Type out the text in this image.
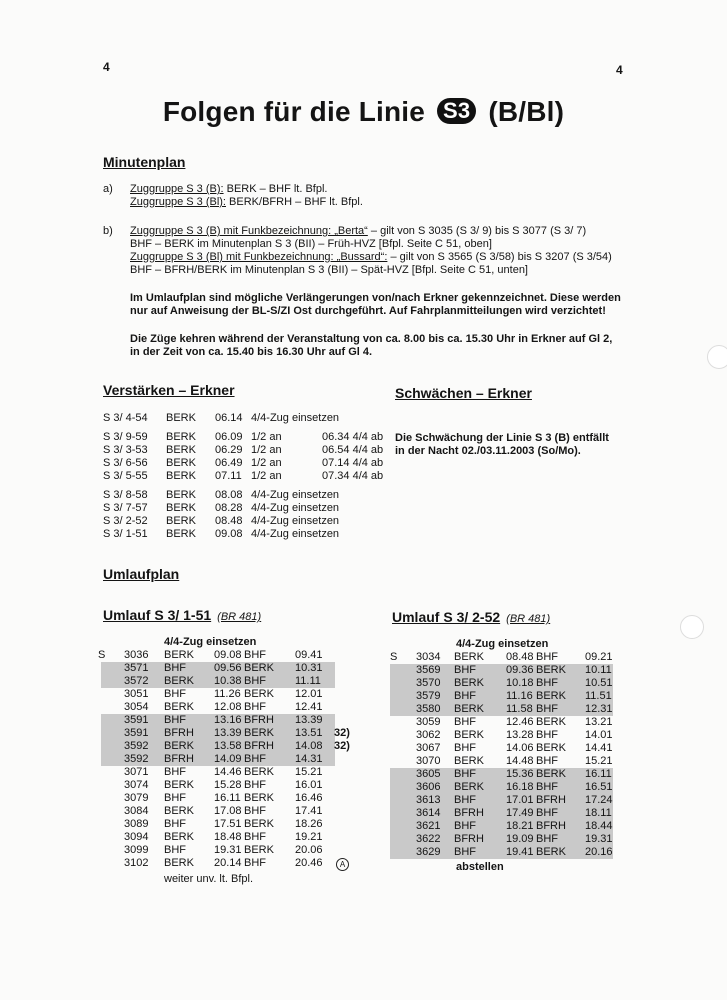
4	4
Folgen für die Linie S3 (B/Bl)
Minutenplan
a) Zuggruppe S 3 (B): BERK – BHF lt. Bfpl.
Zuggruppe S 3 (Bl): BERK/BFRH – BHF lt. Bfpl.
b) Zuggruppe S 3 (B) mit Funkbezeichnung: „Berta“ – gilt von S 3035 (S 3/ 9) bis S 3077 (S 3/ 7)
BHF – BERK im Minutenplan S 3 (BII) – Früh-HVZ [Bfpl. Seite C 51, oben]
Zuggruppe S 3 (Bl) mit Funkbezeichnung: „Bussard“: – gilt von S 3565 (S 3/58) bis S 3207 (S 3/54)
BHF – BFRH/BERK im Minutenplan S 3 (BII) – Spät-HVZ [Bfpl. Seite C 51, unten]
Im Umlaufplan sind mögliche Verlängerungen von/nach Erkner gekennzeichnet. Diese werden
nur auf Anweisung der BL-S/ZI Ost durchgeführt. Auf Fahrplanmitteilungen wird verzichtet!
Die Züge kehren während der Veranstaltung von ca. 8.00 bis ca. 15.30 Uhr in Erkner auf Gl 2,
in der Zeit von ca. 15.40 bis 16.30 Uhr auf Gl 4.
Verstärken – Erkner
S 3/ 4-54 BERK 06.14 4/4-Zug einsetzen
S 3/ 9-59 BERK 06.09 1/2 an	06.34 4/4 ab
S 3/ 3-53 BERK 06.29 1/2 an	06.54 4/4 ab
S 3/ 6-56 BERK 06.49 1/2 an	07.14 4/4 ab
S 3/ 5-55 BERK 07.11 1/2 an	07.34 4/4 ab
S 3/ 8-58 BERK 08.08 4/4-Zug einsetzen
S 3/ 7-57 BERK 08.28 4/4-Zug einsetzen
S 3/ 2-52 BERK 08.48 4/4-Zug einsetzen
S 3/ 1-51 BERK 09.08 4/4-Zug einsetzen
Schwächen – Erkner
Die Schwächung der Linie S 3 (B) entfällt
in der Nacht 02./03.11.2003 (So/Mo).
Umlaufplan
Umlauf S 3/ 1-51 (BR 481)
4/4-Zug einsetzen
S 3036 BERK 09.08 BHF	09.41
3571 BHF	09.56 BERK 10.31
3572 BERK 10.38 BHF	11.11
3051 BHF	11.26 BERK 12.01
3054 BERK 12.08 BHF	12.41
3591 BHF	13.16 BFRH 13.39
3591 BFRH 13.39 BERK 13.51 32)
3592 BERK 13.58 BFRH 14.08 32)
3592 BFRH 14.09 BHF	14.31
3071 BHF	14.46 BERK 15.21
3074 BERK 15.28 BHF	16.01
3079 BHF	16.11 BERK 16.46
3084 BERK 17.08 BHF	17.41
3089 BHF	17.51 BERK 18.26
3094 BERK 18.48 BHF	19.21
3099 BHF	19.31 BERK 20.06
3102 BERK 20.14 BHF	20.46	A
weiter unv. lt. Bfpl.
Umlauf S 3/ 2-52 (BR 481)
4/4-Zug einsetzen
S 3034 BERK 08.48 BHF 09.21
3569 BHF	09.36 BERK 10.11
3570 BERK 10.18 BHF 10.51
3579 BHF	11.16 BERK 11.51
3580 BERK 11.58 BHF 12.31
3059 BHF	12.46 BERK 13.21
3062 BERK 13.28 BHF 14.01
3067 BHF	14.06 BERK 14.41
3070 BERK 14.48 BHF 15.21
3605 BHF	15.36 BERK 16.11
3606 BERK 16.18 BHF 16.51
3613 BHF	17.01 BFRH 17.24
3614 BFRH 17.49 BHF 18.11
3621 BHF	18.21 BFRH 18.44
3622 BFRH 19.09 BHF 19.31
3629 BHF	19.41 BERK 20.16
abstellen
